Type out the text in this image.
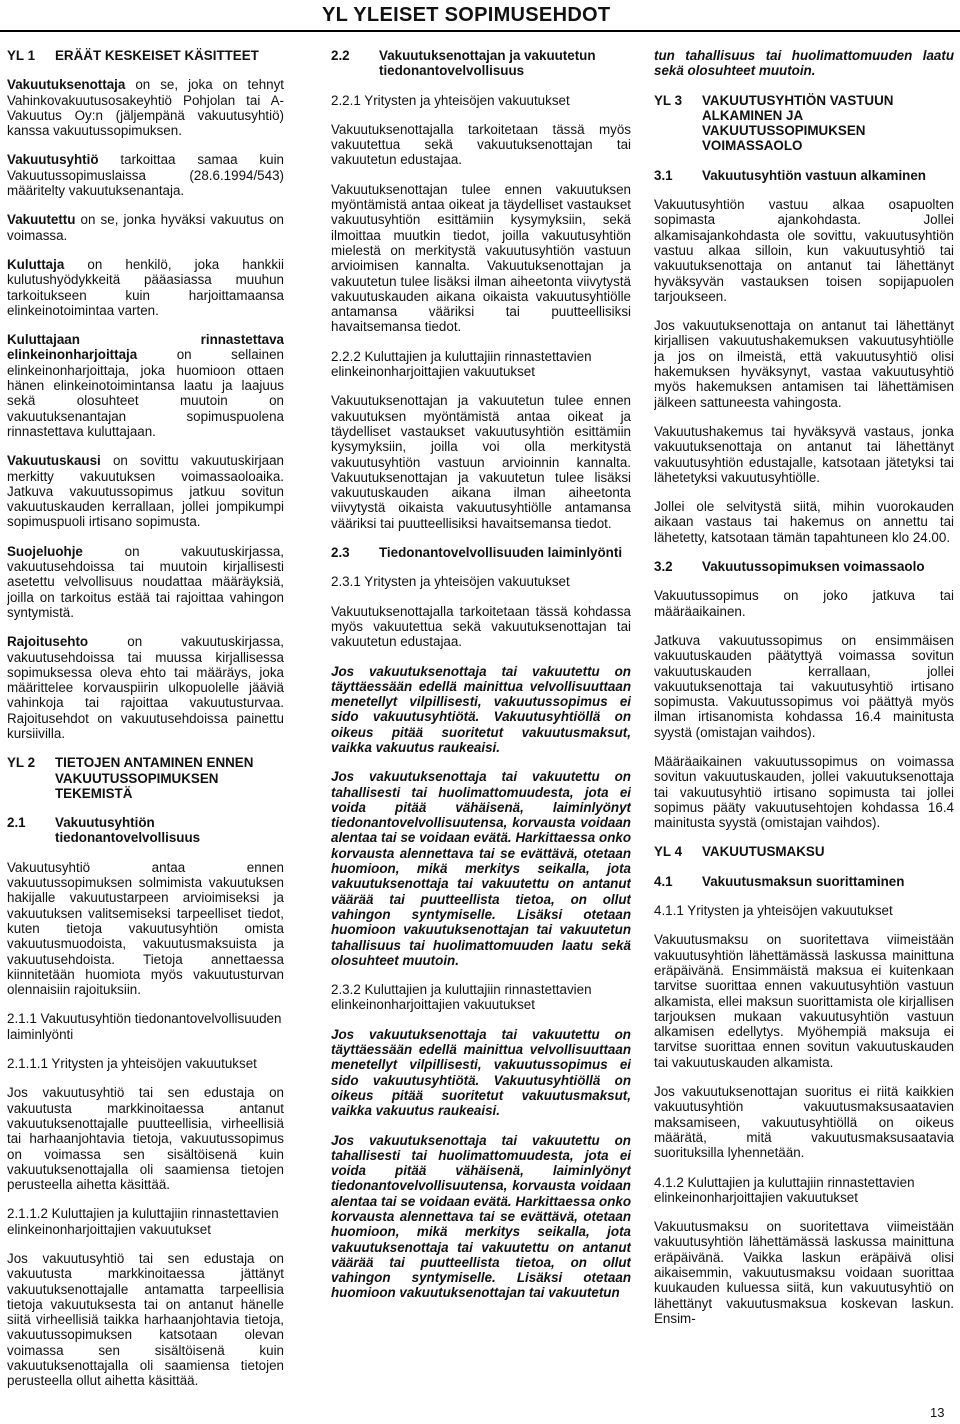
YL YLEISET SOPIMUSEHDOT
YL 1	ERÄÄT KESKEISET KÄSITTEET

Vakuutuksenottaja on se, joka on tehnyt Vahinkovakuutusosakeyhtiö Pohjolan tai A-Vakuutus Oy:n (jäljempänä vakuutusyhtiö) kanssa vakuutussopimuksen.

Vakuutusyhtiö tarkoittaa samaa kuin Vakuutussopimuslaissa (28.6.1994/543) määritelty vakuutuksenantaja.

Vakuutettu on se, jonka hyväksi vakuutus on voimassa.

Kuluttaja on henkilö, joka hankkii kulutushyödykkeitä pääasiassa muuhun tarkoitukseen kuin harjoittamaansa elinkeinotoimintaa varten.

Kuluttajaan rinnastettava elinkeinonharjoittaja on sellainen elinkeinonharjoittaja, joka huomioon ottaen hänen elinkeinotoimintansa laatu ja laajuus sekä olosuhteet muutoin on vakuutuksenantajan sopimuspuolena rinnastettava kuluttajaan.

Vakuutuskausi on sovittu vakuutuskirjaan merkitty vakuutuksen voimassaoloaika. Jatkuva vakuutussopimus jatkuu sovitun vakuutuskauden kerrallaan, jollei jompikumpi sopimuspuoli irtisano sopimusta.

Suojeluohje on vakuutuskirjassa, vakuutusehdoissa tai muutoin kirjallisesti asetettu velvollisuus noudattaa määräyksiä, joilla on tarkoitus estää tai rajoittaa vahingon syntymistä.

Rajoitusehto on vakuutuskirjassa, vakuutusehdoissa tai muussa kirjallisessa sopimuksessa oleva ehto tai määräys, joka määrittelee korvauspiirin ulkopuolelle jääviä vahinkoja tai rajoittaa vakuutusturvaa. Rajoitusehdot on vakuutusehdoissa painettu kursiivilla.

YL 2	TIETOJEN ANTAMINEN ENNEN VAKUUTUSSOPIMUKSEN TEKEMISTÄ
2.1	Vakuutusyhtiön tiedonantovelvollisuus

Vakuutusyhtiö antaa ennen vakuutussopimuksen solmimista vakuutuksen hakijalle vakuutustarpeen arvioimiseksi ja vakuutuksen valitsemiseksi tarpeelliset tiedot, kuten tietoja vakuutusyhtiön omista vakuutusmuodoista, vakuutusmaksuista ja vakuutusehdoista. Tietoja annettaessa kiinnitetään huomiota myös vakuutusturvan olennaisiin rajoituksiin.

2.1.1 Vakuutusyhtiön tiedonantovelvollisuuden laiminlyönti

2.1.1.1 Yritysten ja yhteisöjen vakuutukset

Jos vakuutusyhtiö tai sen edustaja on vakuutusta markkinoitaessa antanut vakuutuksenottajalle puutteellisia, virheellisiä tai harhaanjohtavia tietoja, vakuutussopimus on voimassa sen sisältöisenä kuin vakuutuksenottajalla oli saamiensa tietojen perusteella aihetta käsittää.

2.1.1.2 Kuluttajien ja kuluttajiin rinnastettavien elinkeinonharjoittajien vakuutukset

Jos vakuutusyhtiö tai sen edustaja on vakuutusta markkinoitaessa jättänyt vakuutuksenottajalle antamatta tarpeellisia tietoja vakuutuksesta tai on antanut hänelle siitä virheellisiä taikka harhaanjohtavia tietoja, vakuutussopimuksen katsotaan olevan voimassa sen sisältöisenä kuin vakuutuksenottajalla oli saamiensa tietojen perusteella ollut aihetta käsittää.

2.2	Vakuutuksenottajan ja vakuutetun tiedonantovelvollisuus

2.2.1 Yritysten ja yhteisöjen vakuutukset

Vakuutuksenottajalla tarkoitetaan tässä myös vakuutettua sekä vakuutuksenottajan tai vakuutetun edustajaa.

Vakuutuksenottajan tulee ennen vakuutuksen myöntämistä antaa oikeat ja täydelliset vastaukset vakuutusyhtiön esittämiin kysymyksiin, sekä ilmoittaa muutkin tiedot, joilla vakuutusyhtiön mielestä on merkitystä vakuutusyhtiön vastuun arvioimisen kannalta. Vakuutuksenottajan ja vakuutetun tulee lisäksi ilman aiheetonta viivytystä vakuutuskauden aikana oikaista vakuutusyhtiölle antamansa vääriksi tai puutteellisiksi havaitsemansa tiedot.

2.2.2 Kuluttajien ja kuluttajiin rinnastettavien elinkeinonharjoittajien vakuutukset

Vakuutuksenottajan ja vakuutetun tulee ennen vakuutuksen myöntämistä antaa oikeat ja täydelliset vastaukset vakuutusyhtiön esittämiin kysymyksiin, joilla voi olla merkitystä vakuutusyhtiön vastuun arvioinnin kannalta. Vakuutuksenottajan ja vakuutetun tulee lisäksi vakuutuskauden aikana ilman aiheetonta viivytystä oikaista vakuutusyhtiölle antamansa vääriksi tai puutteellisiksi havaitsemansa tiedot.

2.3	Tiedonantovelvollisuuden laiminlyönti

2.3.1 Yritysten ja yhteisöjen vakuutukset

Vakuutuksenottajalla tarkoitetaan tässä kohdassa myös vakuutettua sekä vakuutuksenottajan tai vakuutetun edustajaa.

Jos vakuutuksenottaja tai vakuutettu on täyttäessään edellä mainittua velvollisuuttaan menetellyt vilpillisesti, vakuutussopimus ei sido vakuutusyhtiötä. Vakuutusyhtiöllä on oikeus pitää suoritetut vakuutusmaksut, vaikka vakuutus raukeaisi.

Jos vakuutuksenottaja tai vakuutettu on tahallisesti tai huolimattomuudesta, jota ei voida pitää vähäisenä, laiminlyönyt tiedonantovelvollisuutensa, korvausta voidaan alentaa tai se voidaan evätä. Harkittaessa onko korvausta alennettava tai se evättävä, otetaan huomioon, mikä merkitys seikalla, jota vakuutuksenottaja tai vakuutettu on antanut väärää tai puutteellista tietoa, on ollut vahingon syntymiselle. Lisäksi otetaan huomioon vakuutuksenottajan tai vakuutetun tahallisuus tai huolimattomuuden laatu sekä olosuhteet muutoin.

2.3.2 Kuluttajien ja kuluttajiin rinnastettavien elinkeinonharjoittajien vakuutukset

Jos vakuutuksenottaja tai vakuutettu on täyttäessään edellä mainittua velvollisuuttaan menetellyt vilpillisesti, vakuutussopimus ei sido vakuutusyhtiötä. Vakuutusyhtiöllä on oikeus pitää suoritetut vakuutusmaksut, vaikka vakuutus raukeaisi.

Jos vakuutuksenottaja tai vakuutettu on tahallisesti tai huolimattomuudesta, jota ei voida pitää vähäisenä, laiminlyönyt tiedonantovelvollisuutensa, korvausta voidaan alentaa tai se voidaan evätä. Harkittaessa onko korvausta alennettava tai se evättävä, otetaan huomioon, mikä merkitys seikalla, jota vakuutuksenottaja tai vakuutettu on antanut väärää tai puutteellista tietoa, on ollut vahingon syntymiselle. Lisäksi otetaan huomioon vakuutuksenottajan tai vakuutetun

tun tahallisuus tai huolimattomuuden laatu sekä olosuhteet muutoin.

YL 3	VAKUUTUSYHTIÖN VASTUUN ALKAMINEN JA VAKUUTUSSOPIMUKSEN VOIMASSAOLO
3.1	Vakuutusyhtiön vastuun alkaminen

Vakuutusyhtiön vastuu alkaa osapuolten sopimasta ajankohdasta. Jollei alkamisajankohdasta ole sovittu, vakuutusyhtiön vastuu alkaa silloin, kun vakuutusyhtiö tai vakuutuksenottaja on antanut tai lähettänyt hyväksyvän vastauksen toisen sopijapuolen tarjoukseen.

Jos vakuutuksenottaja on antanut tai lähettänyt kirjallisen vakuutushakemuksen vakuutusyhtiölle ja jos on ilmeistä, että vakuutusyhtiö olisi hakemuksen hyväksynyt, vastaa vakuutusyhtiö myös hakemuksen antamisen tai lähettämisen jälkeen sattuneesta vahingosta.

Vakuutushakemus tai hyväksyvä vastaus, jonka vakuutuksenottaja on antanut tai lähettänyt vakuutusyhtiön edustajalle, katsotaan jätetyksi tai lähetetyksi vakuutusyhtiölle.

Jollei ole selvitystä siitä, mihin vuorokauden aikaan vastaus tai hakemus on annettu tai lähetetty, katsotaan tämän tapahtuneen klo 24.00.

3.2	Vakuutussopimuksen voimassaolo

Vakuutussopimus on joko jatkuva tai määräaikainen.

Jatkuva vakuutussopimus on ensimmäisen vakuutuskauden päätyttyä voimassa sovitun vakuutuskauden kerrallaan, jollei vakuutuksenottaja tai vakuutusyhtiö irtisano sopimusta. Vakuutussopimus voi päättyä myös ilman irtisanomista kohdassa 16.4 mainitusta syystä (omistajan vaihdos).

Määräaikainen vakuutussopimus on voimassa sovitun vakuutuskauden, jollei vakuutuksenottaja tai vakuutusyhtiö irtisano sopimusta tai jollei sopimus pääty vakuutusehtojen kohdassa 16.4 mainitusta syystä (omistajan vaihdos).

YL 4	VAKUUTUSMAKSU
4.1	Vakuutusmaksun suorittaminen

4.1.1 Yritysten ja yhteisöjen vakuutukset

Vakuutusmaksu on suoritettava viimeistään vakuutusyhtiön lähettämässä laskussa mainittuna eräpäivänä. Ensimmäistä maksua ei kuitenkaan tarvitse suorittaa ennen vakuutusyhtiön vastuun alkamista, ellei maksun suorittamista ole kirjallisen tarjouksen mukaan vakuutusyhtiön vastuun alkamisen edellytys. Myöhempiä maksuja ei tarvitse suorittaa ennen sovitun vakuutuskauden tai vakuutuskauden alkamista.

Jos vakuutuksenottajan suoritus ei riitä kaikkien vakuutusyhtiön vakuutusmaksusaatavien maksamiseen, vakuutusyhtiöllä on oikeus määrätä, mitä vakuutusmaksusaatavia suorituksilla lyhennetään.

4.1.2 Kuluttajien ja kuluttajiin rinnastettavien elinkeinonharjoittajien vakuutukset

Vakuutusmaksu on suoritettava viimeistään vakuutusyhtiön lähettämässä laskussa mainittuna eräpäivänä. Vaikka laskun eräpäivä olisi aikaisemmin, vakuutusmaksu voidaan suorittaa kuukauden kuluessa siitä, kun vakuutusyhtiö on lähettänyt vakuutusmaksua koskevan laskun. Ensim-

13
